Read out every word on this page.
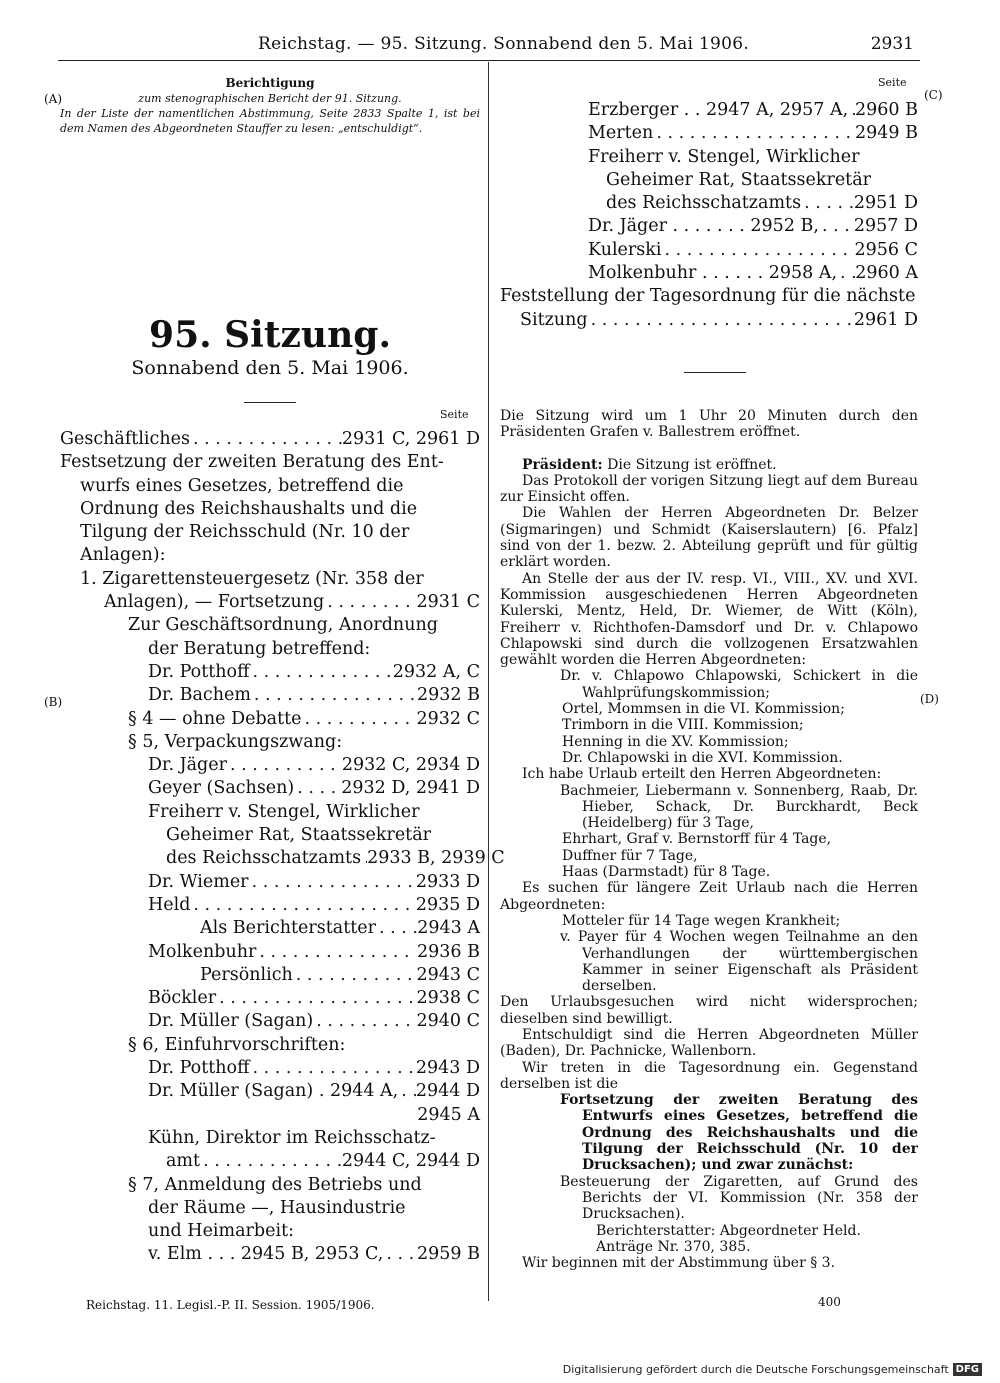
Reichstag. — 95. Sitzung. Sonnabend den 5. Mai 1906.	2931
(A)
(B)
(C)
(D)
Berichtigung
zum stenographischen Bericht der 91. Sitzung.
In der Liste der namentlichen Abstimmung, Seite 2833 Spalte 1, ist bei dem Namen des Abgeordneten Stauffer zu lesen: „entschuldigt“.
95. Sitzung.
Sonnabend den 5. Mai 1906.
Seite
Seite
Geschäftliches . . .	2931 C, 2961 D
Festsetzung der zweiten Beratung des Ent-
wurfs eines Gesetzes, betreffend die
Ordnung des Reichshaushalts und die
Tilgung der Reichsschuld (Nr. 10 der
Anlagen):
1. Zigarettensteuergesetz (Nr. 358 der
Anlagen), — Fortsetzung . . .	2931 C
Zur Geschäftsordnung, Anordnung
der Beratung betreffend:
Dr. Potthoff . . .	2932 A, C
Dr. Bachem . . .	2932 B
§ 4 — ohne Debatte . . .	2932 C
§ 5, Verpackungszwang:
Dr. Jäger . . .	2932 C, 2934 D
Geyer (Sachsen) . . .	2932 D, 2941 D
Freiherr v. Stengel, Wirklicher
Geheimer Rat, Staatssekretär
des Reichsschatzamts . . . 2933 B, 2939 C
Dr. Wiemer . . .	2933 D
Held . . .	2935 D
Als Berichterstatter . . . 2943 A
Molkenbuhr . . .	2936 B
Persönlich . . .	2943 C
Böckler . . .	2938 C
Dr. Müller (Sagan) . . .	2940 C
§ 6, Einfuhrvorschriften:
Dr. Potthoff . . .	2943 D
Dr. Müller (Sagan) . 2944 A, . . . 2944 D
2945 A
Kühn, Direktor im Reichsschatz-
amt . . .	2944 C, 2944 D
§ 7, Anmeldung des Betriebs und
der Räume —, Hausindustrie
und Heimarbeit:
v. Elm . . . 2945 B, 2953 C, . . . 2959 B
Erzberger . . 2947 A, 2957 A, . . . 2960 B
Merten . . .	2949 B
Freiherr v. Stengel, Wirklicher
Geheimer Rat, Staatssekretär
des Reichsschatzamts . . .	2951 D
Dr. Jäger . . . . . . . 2952 B, . . . 2957 D
Kulerski . . .	2956 C
Molkenbuhr . . . . . . 2958 A, . . . 2960 A
Feststellung der Tagesordnung für die nächste
Sitzung . . .	2961 D

Die Sitzung wird um 1 Uhr 20 Minuten durch den Präsidenten Grafen v. Ballestrem eröffnet.

Präsident: Die Sitzung ist eröffnet.

Das Protokoll der vorigen Sitzung liegt auf dem Bureau zur Einsicht offen.

Die Wahlen der Herren Abgeordneten Dr. Belzer (Sigmaringen) und Schmidt (Kaiserslautern) [6. Pfalz] sind von der 1. bezw. 2. Abteilung geprüft und für gültig erklärt worden.

An Stelle der aus der IV. resp. VI., VIII., XV. und XVI. Kommission ausgeschiedenen Herren Abgeordneten Kulerski, Mentz, Held, Dr. Wiemer, de Witt (Köln), Freiherr v. Richthofen-Damsdorf und Dr. v. Chlapowo Chlapowski sind durch die vollzogenen Ersatzwahlen gewählt worden die Herren Abgeordneten:

Dr. v. Chlapowo Chlapowski, Schickert in die Wahlprüfungskommission;

Ortel, Mommsen in die VI. Kommission;

Trimborn in die VIII. Kommission;

Henning in die XV. Kommission;

Dr. Chlapowski in die XVI. Kommission.

Ich habe Urlaub erteilt den Herren Abgeordneten:

Bachmeier, Liebermann v. Sonnenberg, Raab, Dr. Hieber, Schack, Dr. Burckhardt, Beck (Heidelberg) für 3 Tage,

Ehrhart, Graf v. Bernstorff für 4 Tage,

Duffner für 7 Tage,

Haas (Darmstadt) für 8 Tage.

Es suchen für längere Zeit Urlaub nach die Herren Abgeordneten:

Motteler für 14 Tage wegen Krankheit;

v. Payer für 4 Wochen wegen Teilnahme an den Verhandlungen der württembergischen Kammer in seiner Eigenschaft als Präsident derselben.

Den Urlaubsgesuchen wird nicht widersprochen; dieselben sind bewilligt.

Entschuldigt sind die Herren Abgeordneten Müller (Baden), Dr. Pachnicke, Wallenborn.

Wir treten in die Tagesordnung ein. Gegenstand derselben ist die

Fortsetzung der zweiten Beratung des Entwurfs eines Gesetzes, betreffend die Ordnung des Reichshaushalts und die Tilgung der Reichsschuld (Nr. 10 der Drucksachen); und zwar zunächst:

Besteuerung der Zigaretten, auf Grund des Berichts der VI. Kommission (Nr. 358 der Drucksachen).

Berichterstatter: Abgeordneter Held.

Anträge Nr. 370, 385.

Wir beginnen mit der Abstimmung über § 3.

Reichstag. 11. Legisl.-P. II. Session. 1905/1906.	400
Digitalisierung gefördert durch die Deutsche Forschungsgemeinschaft DFG
